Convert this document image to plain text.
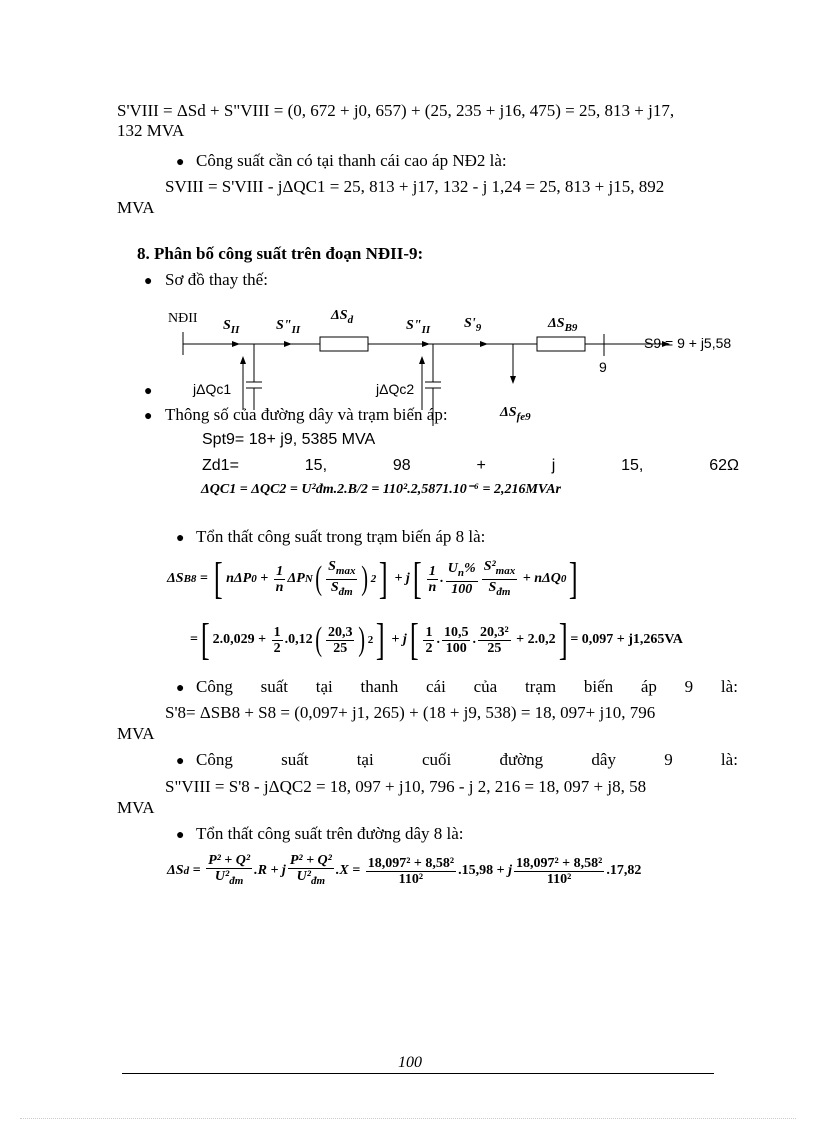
S'VIII = ΔSd + S"VIII = (0, 672 + j0, 657) + (25, 235 + j16, 475) = 25, 813 + j17,
132 MVA
● Công suất cần có tại thanh cái cao áp NĐ2 là:
SVIII = S'VIII - jΔQC1 = 25, 813 + j17, 132 - j 1,24 = 25, 813 + j15, 892
MVA
8. Phân bố công suất trên đoạn NĐII-9:
● Sơ đồ thay thế:
NĐII $S_{II}$	$S"_{II}$
$\Delta S_d$	$S"_{II}$ $S'_9$	$\Delta S_{B9}$
S9 = 9 + j5,58
9
jΔQc1	jΔQc2
$\Delta S_{fe9}$
●
● Thông số của đường dây và trạm biến áp:
Spt9= 18+ j9, 5385 MVA
Zd1=	15,	98	+	j	15,	62Ω
ΔQC1 = ΔQC2 = U²đm.2.B/2 = 110².2,5871.10⁻⁶ = 2,216MVAr
● Tổn thất công suất trong trạm biến áp 8 là:
ΔS B8 = [ nΔP $0 + \frac{1}{n}$ ΔP N ( $\frac{S_{max}}{S_{đm}}$ ) 2 ] + j [ $\frac{1}{n}$ . $\frac{U_n\%}{100} \frac{S^2_{max}}{S_{đm}} + n\Delta Q$ 0 ]
= [ $2.0,029 + \frac{1}{2} .0,12$ ( $\frac{20,3}{25}$ ) 2 ] + j [ $\frac{1}{2}$ . $\frac{10,5}{100}$ . $\frac{\text{20,3²}}{25} + 2.0,2$ ] = 0,097 + j1,265VA
● Công suất tại thanh cái của trạm biến áp 9 là:
S'8= ΔSB8 + S8 = (0,097+ j1, 265) + (18 + j9, 538) = 18, 097+ j10, 796
MVA
● Công	suất	tại	cuối	đường	dây	9	là:
S"VIII = S'8 - jΔQC2 = 18, 097 + j10, 796 - j 2, 216 = 18, 097 + j8, 58
MVA
● Tổn thất công suất trên đường dây 8 là:
ΔS $d = \frac{\text{P² + Q²}}{U^2_{đm}} .R + j \frac{\text{P² + Q²}}{U^2_{đm}} .X = \frac{\text{18,097² + 8,58²}}{\text{110²}} .15,98 + j \frac{\text{18,097² + 8,58²}}{\text{110²}} .17,82$
100
